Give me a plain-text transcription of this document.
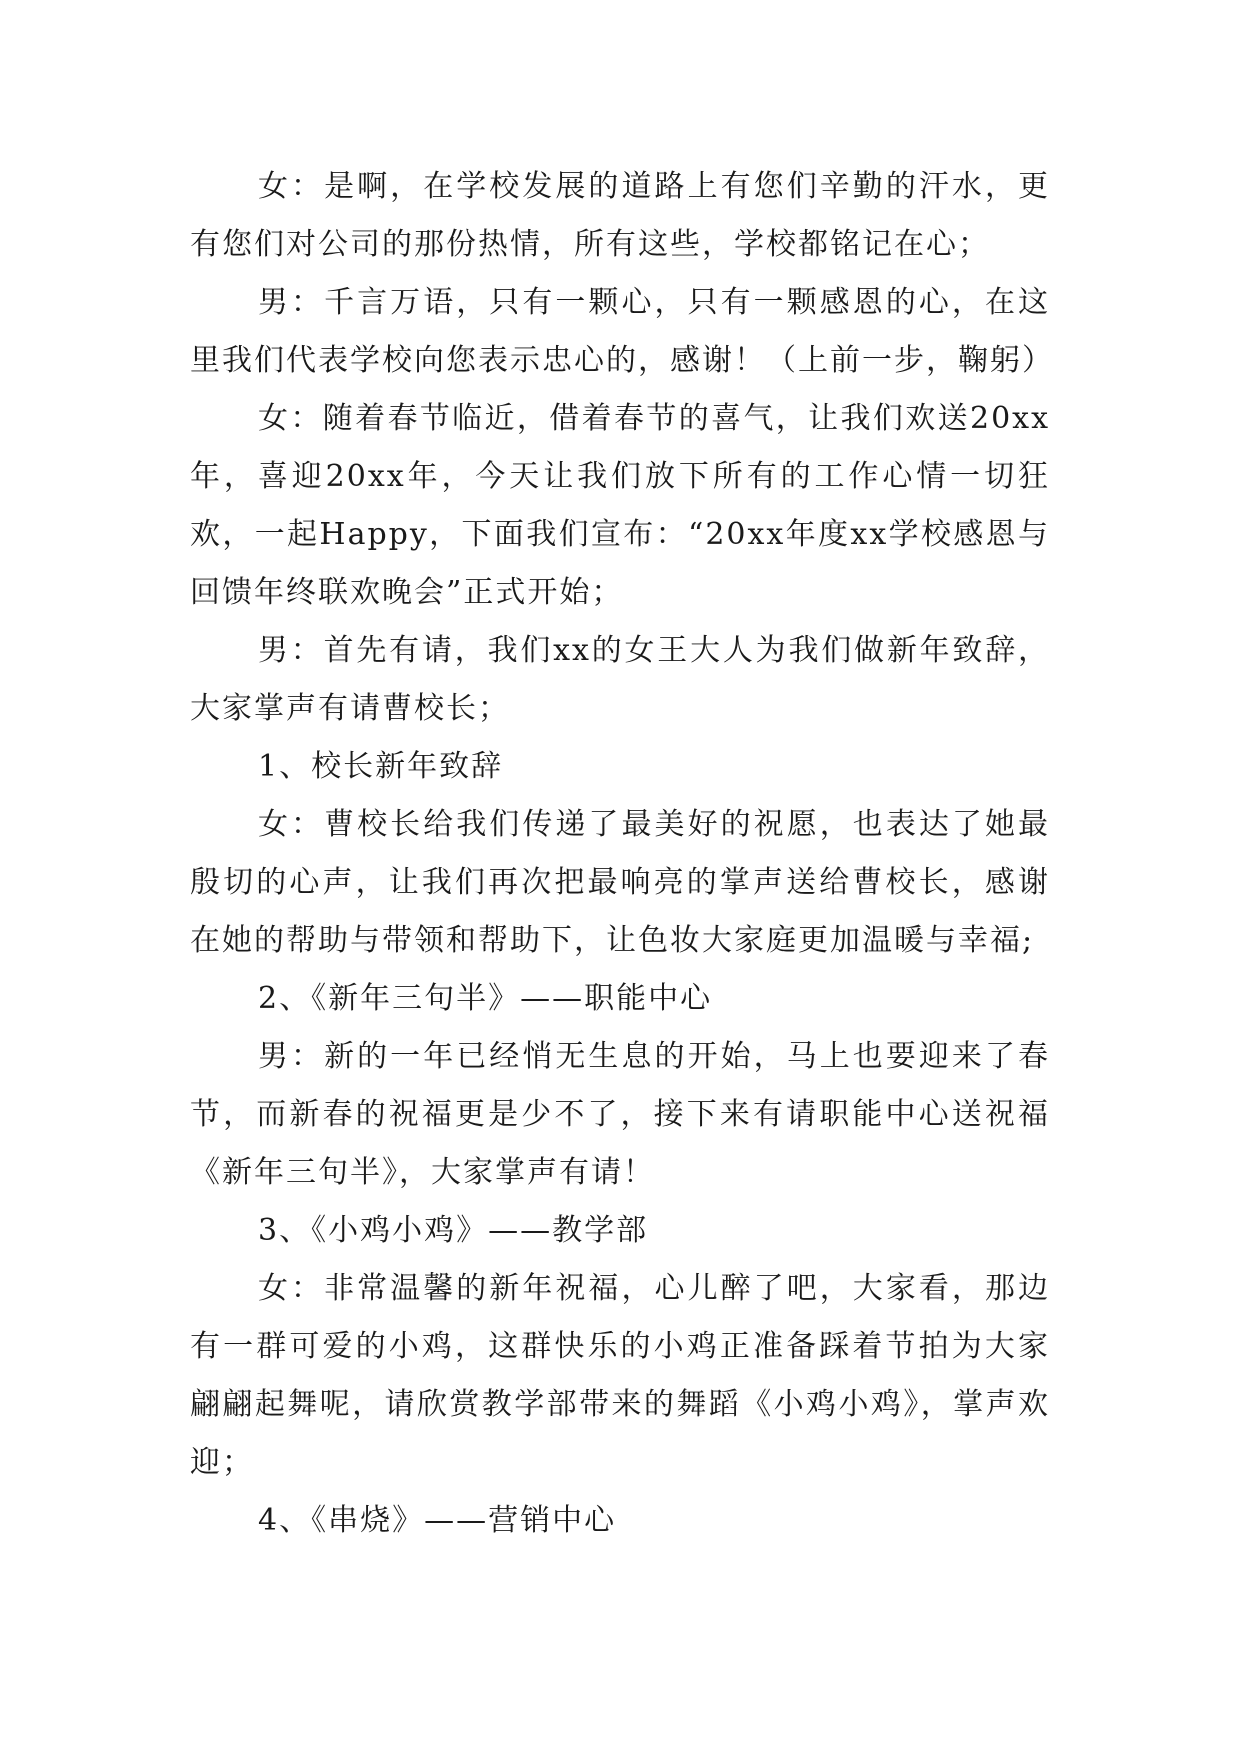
女：是啊，在学校发展的道路上有您们辛勤的汗水，更有您们对公司的那份热情，所有这些，学校都铭记在心；

男：千言万语，只有一颗心，只有一颗感恩的心，在这里我们代表学校向您表示忠心的，感谢！（上前一步，鞠躬）

女：随着春节临近，借着春节的喜气，让我们欢送20xx年，喜迎20xx年，今天让我们放下所有的工作心情一切狂欢，一起Happy，下面我们宣布：“20xx年度xx学校感恩与回馈年终联欢晚会”正式开始；

男：首先有请，我们xx的女王大人为我们做新年致辞，大家掌声有请曹校长；

1、校长新年致辞

女：曹校长给我们传递了最美好的祝愿，也表达了她最殷切的心声，让我们再次把最响亮的掌声送给曹校长，感谢在她的帮助与带领和帮助下，让色妆大家庭更加温暖与幸福;

2、《新年三句半》——职能中心

男：新的一年已经悄无生息的开始，马上也要迎来了春节，而新春的祝福更是少不了，接下来有请职能中心送祝福《新年三句半》，大家掌声有请！

3、《小鸡小鸡》——教学部

女：非常温馨的新年祝福，心儿醉了吧，大家看，那边有一群可爱的小鸡，这群快乐的小鸡正准备踩着节拍为大家翩翩起舞呢，请欣赏教学部带来的舞蹈《小鸡小鸡》，掌声欢迎；

4、《串烧》——营销中心
